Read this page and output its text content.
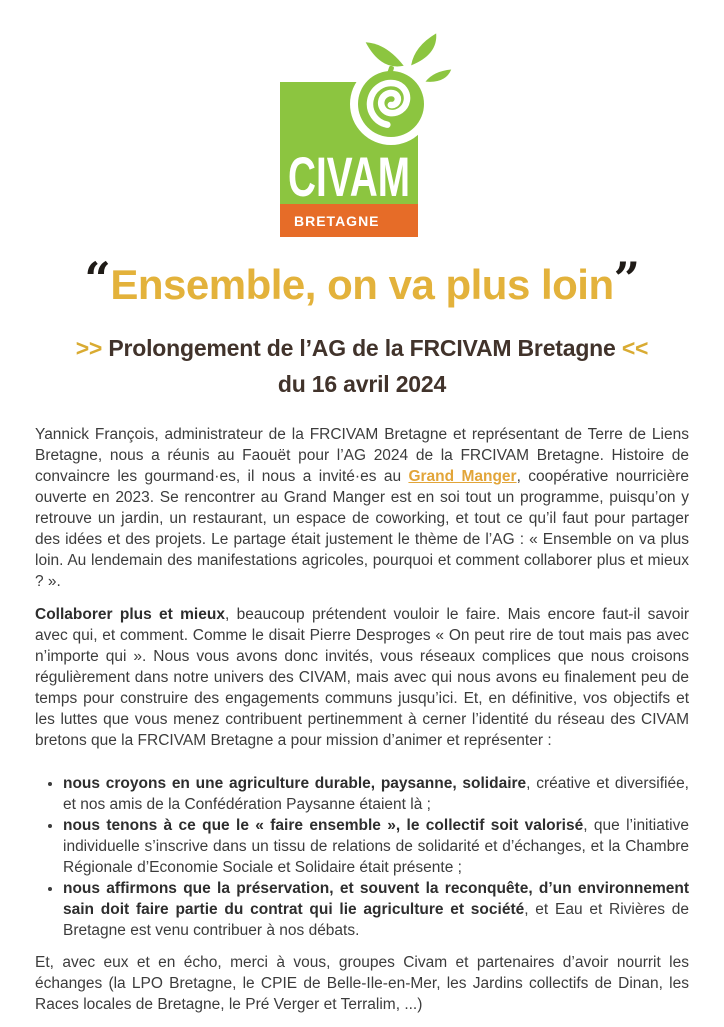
CIVAM
BRETAGNE
“Ensemble, on va plus loin”
>> Prolongement de l’AG de la FRCIVAM Bretagne <<
du 16 avril 2024

Yannick François, administrateur de la FRCIVAM Bretagne et représentant de Terre de Liens Bretagne, nous a réunis au Faouët pour l’AG 2024 de la FRCIVAM Bretagne. Histoire de convaincre les gourmand·es, il nous a invité·es au Grand Manger, coopérative nourricière ouverte en 2023. Se rencontrer au Grand Manger est en soi tout un programme, puisqu’on y retrouve un jardin, un restaurant, un espace de coworking, et tout ce qu’il faut pour partager des idées et des projets. Le partage était justement le thème de l’AG : « Ensemble on va plus loin. Au lendemain des manifestations agricoles, pourquoi et comment collaborer plus et mieux ? ».

Collaborer plus et mieux, beaucoup prétendent vouloir le faire. Mais encore faut-il savoir avec qui, et comment. Comme le disait Pierre Desproges « On peut rire de tout mais pas avec n’importe qui ». Nous vous avons donc invités, vous réseaux complices que nous croisons régulièrement dans notre univers des CIVAM, mais avec qui nous avons eu finalement peu de temps pour construire des engagements communs jusqu’ici. Et, en définitive, vos objectifs et les luttes que vous menez contribuent pertinemment à cerner l’identité du réseau des CIVAM bretons que la FRCIVAM Bretagne a pour mission d’animer et représenter :

• nous croyons en une agriculture durable, paysanne, solidaire, créative et diversifiée, et nos amis de la Confédération Paysanne étaient là ;
• nous tenons à ce que le « faire ensemble », le collectif soit valorisé, que l’initiative individuelle s’inscrive dans un tissu de relations de solidarité et d’échanges, et la Chambre Régionale d’Economie Sociale et Solidaire était présente ;
• nous affirmons que la préservation, et souvent la reconquête, d’un environnement sain doit faire partie du contrat qui lie agriculture et société, et Eau et Rivières de Bretagne est venu contribuer à nos débats.

Et, avec eux et en écho, merci à vous, groupes Civam et partenaires d’avoir nourrit les échanges (la LPO Bretagne, le CPIE de Belle-Ile-en-Mer, les Jardins collectifs de Dinan, les Races locales de Bretagne, le Pré Verger et Terralim, ...)
